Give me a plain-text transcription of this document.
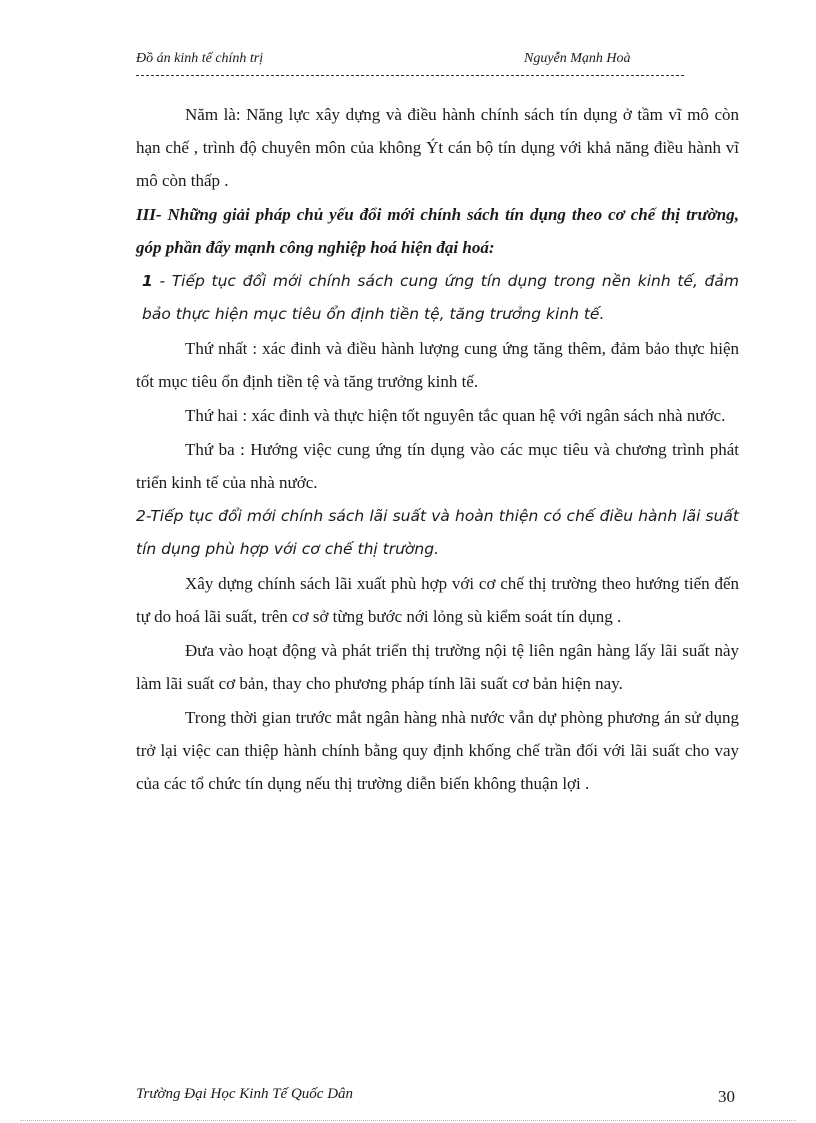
Đồ án kinh tế chính trị	Nguyễn Mạnh Hoà

Năm là: Năng lực xây dựng và điều hành chính sách tín dụng ở tầm vĩ mô còn hạn chế , trình độ chuyên môn của không Ýt cán bộ tín dụng với khả năng điều hành vĩ mô còn thấp .

III- Những giải pháp chủ yếu đổi mới chính sách tín dụng theo cơ chế thị trường, góp phần đẩy mạnh công nghiệp hoá hiện đại hoá:

1 - Tiếp tục đổi mới chính sách cung ứng tín dụng trong nền kinh tế, đảm bảo thực hiện mục tiêu ổn định tiền tệ, tăng trưởng kinh tế.

Thứ nhất : xác đinh và điều hành lượng cung ứng tăng thêm, đảm bảo thực hiện tốt mục tiêu ổn định tiền tệ và tăng trưởng kinh tế.

Thứ hai : xác đinh và thực hiện tốt nguyên tắc quan hệ với ngân sách nhà nước.

Thứ ba : Hướng việc cung ứng tín dụng vào các mục tiêu và chương trình phát triển kinh tế của nhà nước.

2-Tiếp tục đổi mới chính sách lãi suất và hoàn thiện có chế điều hành lãi suất tín dụng phù hợp với cơ chế thị trường.

Xây dựng chính sách lãi xuất phù hợp với cơ chế thị trường theo hướng tiến đến tự do hoá lãi suất, trên cơ sở từng bước nới lỏng sù kiểm soát tín dụng .

Đưa vào hoạt động và phát triển thị trường nội tệ liên ngân hàng lấy lãi suất này làm lãi suất cơ bản, thay cho phương pháp tính lãi suất cơ bản hiện nay.

Trong thời gian trước mắt ngân hàng nhà nước vẫn dự phòng phương án sử dụng trở lại việc can thiệp hành chính bằng quy định khống chế trần đối với lãi suất cho vay của các tổ chức tín dụng nếu thị trường diễn biến không thuận lợi .

Trường Đại Học Kinh Tế Quốc Dân	30
